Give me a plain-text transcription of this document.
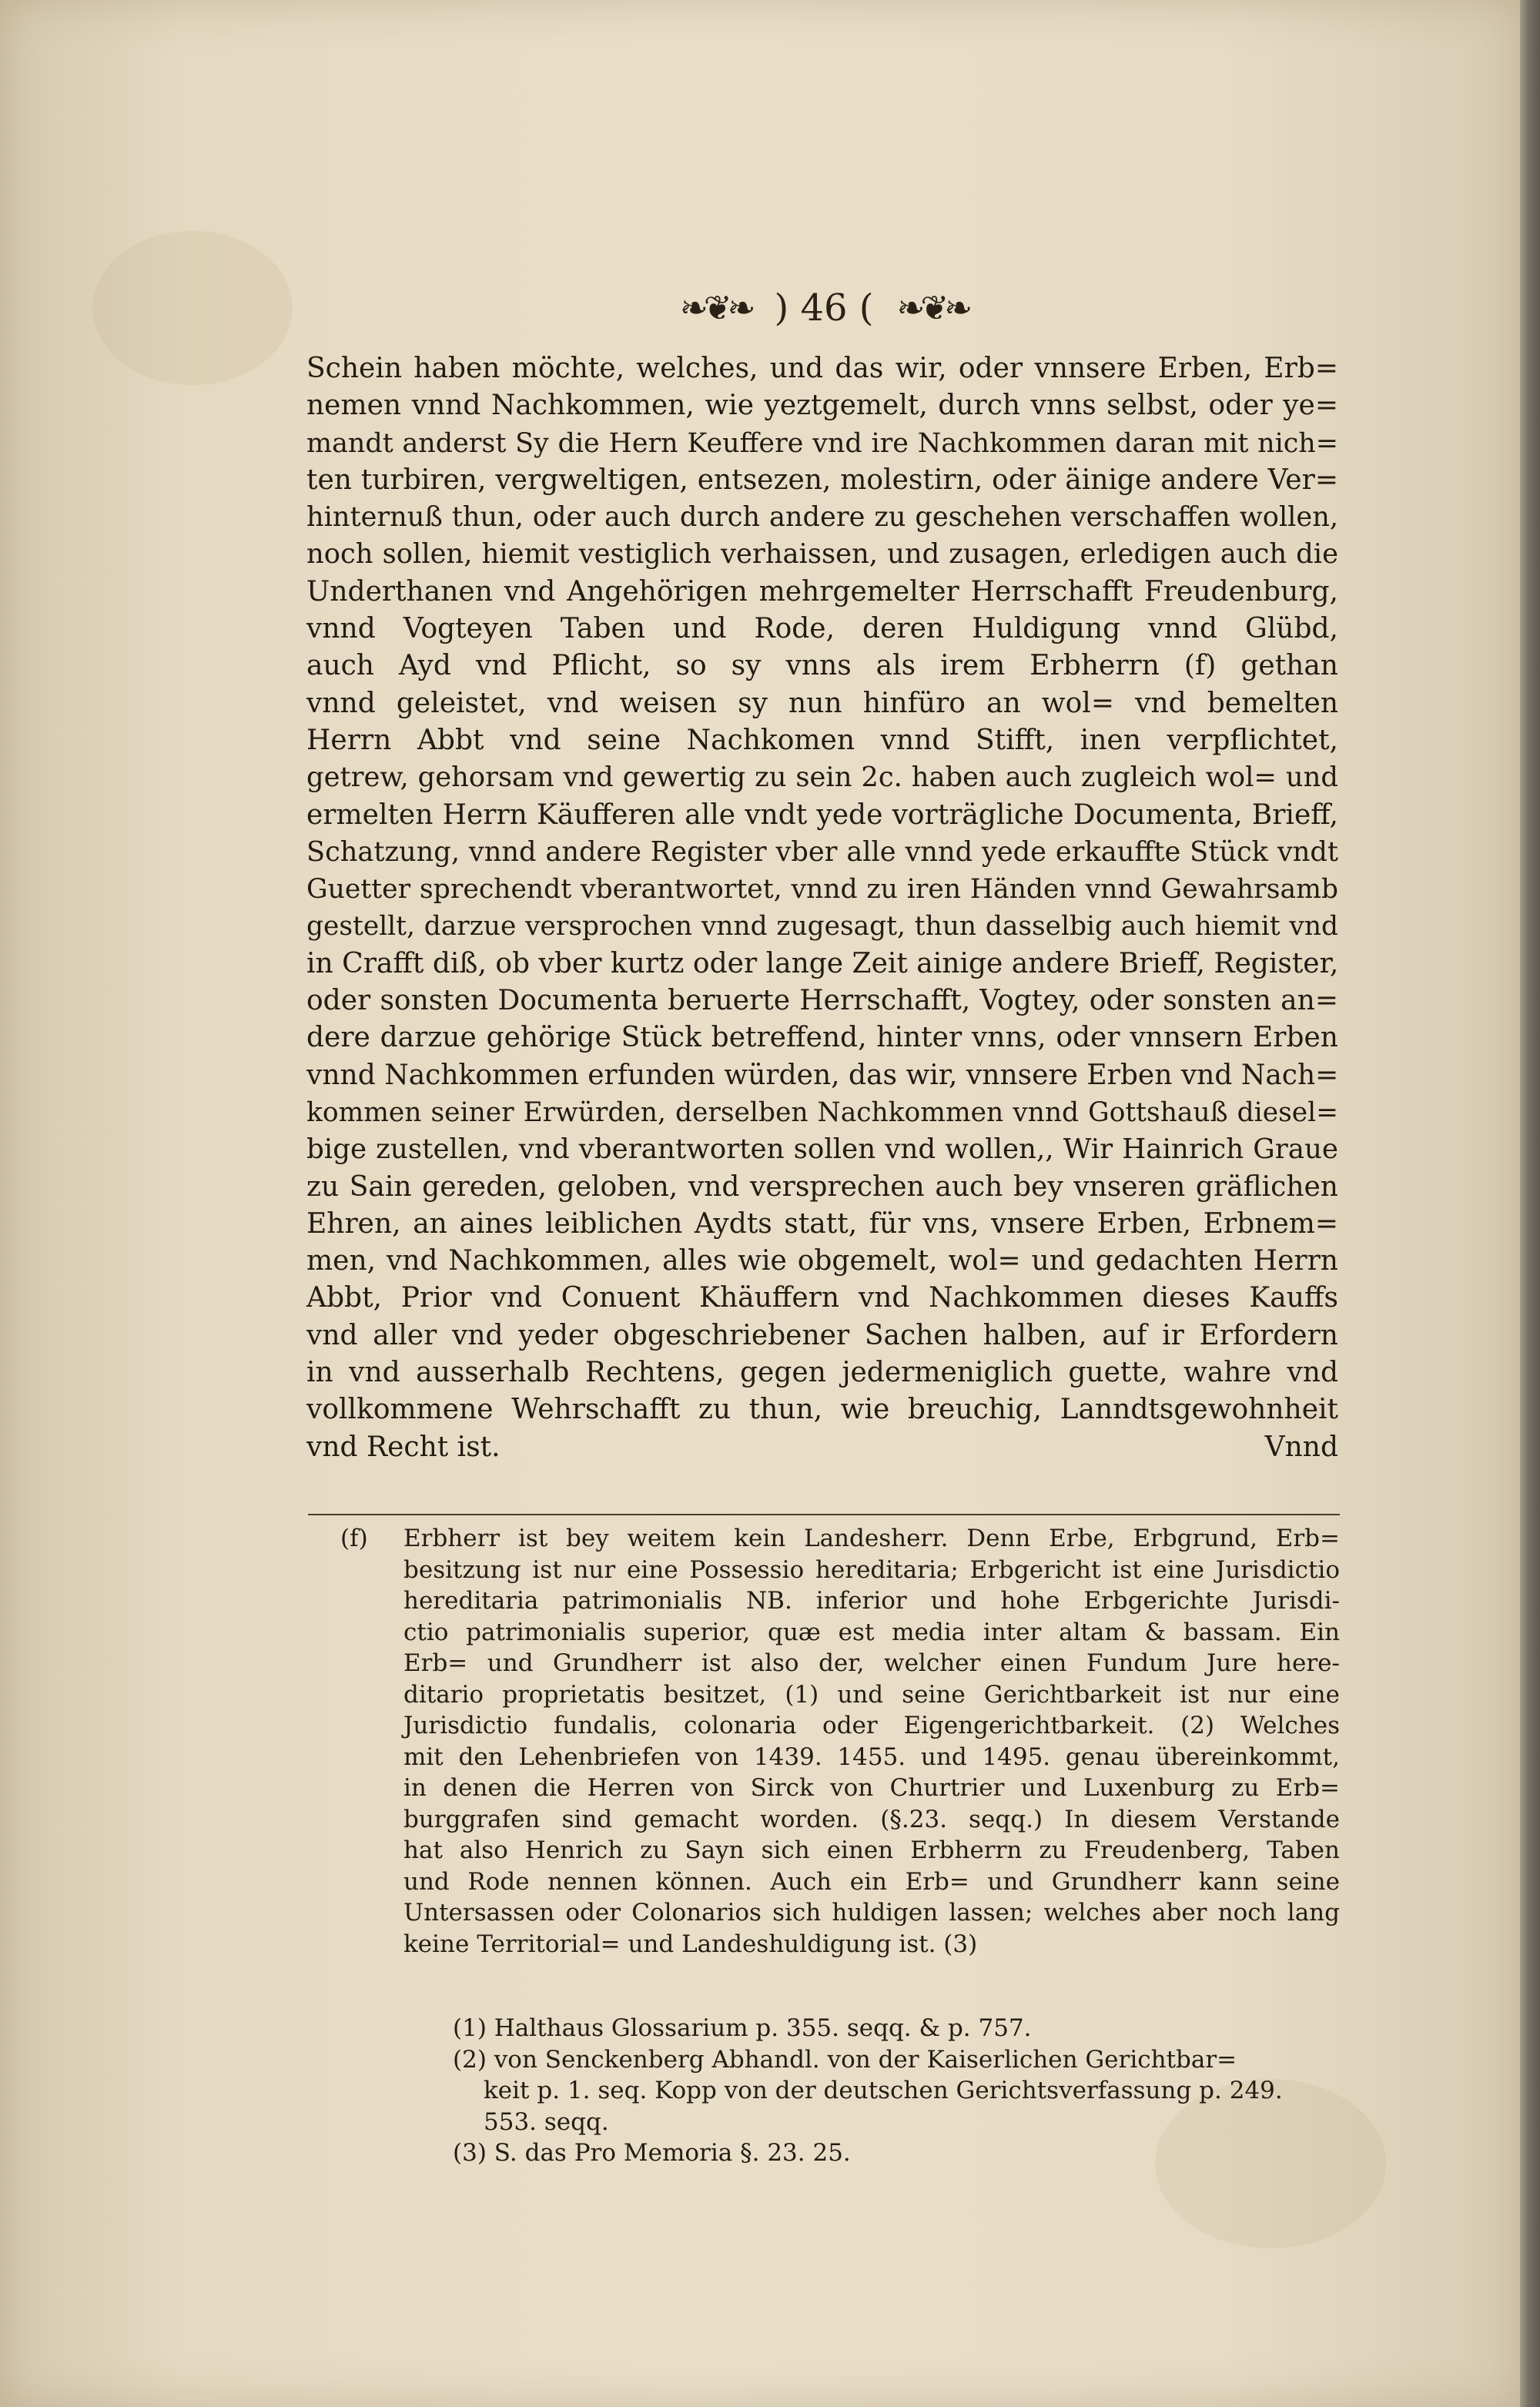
❧❦❧ ) 46 ( ❧❦❧
Schein haben möchte, welches, und das wir, oder vnnsere Erben, Erb=
nemen vnnd Nachkommen, wie yeztgemelt, durch vnns selbst, oder ye=
mandt anderst Sy die Hern Keuffere vnd ire Nachkommen daran mit nich=
ten turbiren, vergweltigen, entsezen, molestirn, oder äinige andere Ver=
hinternuß thun, oder auch durch andere zu geschehen verschaffen wollen,
noch sollen, hiemit vestiglich verhaissen, und zusagen, erledigen auch die
Underthanen vnd Angehörigen mehrgemelter Herrschafft Freudenburg,
vnnd Vogteyen Taben und Rode, deren Huldigung vnnd Glübd,
auch Ayd vnd Pflicht, so sy vnns als irem Erbherrn (f) gethan
vnnd geleistet, vnd weisen sy nun hinfüro an wol= vnd bemelten
Herrn Abbt vnd seine Nachkomen vnnd Stifft, inen verpflichtet,
getrew, gehorsam vnd gewertig zu sein 2c. haben auch zugleich wol= und
ermelten Herrn Käufferen alle vndt yede vorträgliche Documenta, Brieff,
Schatzung, vnnd andere Register vber alle vnnd yede erkauffte Stück vndt
Guetter sprechendt vberantwortet, vnnd zu iren Händen vnnd Gewahrsamb
gestellt, darzue versprochen vnnd zugesagt, thun dasselbig auch hiemit vnd
in Crafft diß, ob vber kurtz oder lange Zeit ainige andere Brieff, Register,
oder sonsten Documenta beruerte Herrschafft, Vogtey, oder sonsten an=
dere darzue gehörige Stück betreffend, hinter vnns, oder vnnsern Erben
vnnd Nachkommen erfunden würden, das wir, vnnsere Erben vnd Nach=
kommen seiner Erwürden, derselben Nachkommen vnnd Gottshauß diesel=
bige zustellen, vnd vberantworten sollen vnd wollen,, Wir Hainrich Graue
zu Sain gereden, geloben, vnd versprechen auch bey vnseren gräflichen
Ehren, an aines leiblichen Aydts statt, für vns, vnsere Erben, Erbnem=
men, vnd Nachkommen, alles wie obgemelt, wol= und gedachten Herrn
Abbt, Prior vnd Conuent Khäuffern vnd Nachkommen dieses Kauffs
vnd aller vnd yeder obgeschriebener Sachen halben, auf ir Erfordern
in vnd ausserhalb Rechtens, gegen jedermeniglich guette, wahre vnd
vollkommene Wehrschafft zu thun, wie breuchig, Lanndtsgewohnheit
vnd Recht ist.	Vnnd
(f)	Erbherr ist bey weitem kein Landesherr. Denn Erbe, Erbgrund, Erb=
besitzung ist nur eine Possessio hereditaria; Erbgericht ist eine Jurisdictio
hereditaria patrimonialis NB. inferior und hohe Erbgerichte Jurisdi-
ctio patrimonialis superior, quæ est media inter altam & bassam. Ein
Erb= und Grundherr ist also der, welcher einen Fundum Jure here-
ditario proprietatis besitzet, (1) und seine Gerichtbarkeit ist nur eine
Jurisdictio fundalis, colonaria oder Eigengerichtbarkeit. (2) Welches
mit den Lehenbriefen von 1439. 1455. und 1495. genau übereinkommt,
in denen die Herren von Sirck von Churtrier und Luxenburg zu Erb=
burggrafen sind gemacht worden. (§.23. seqq.) In diesem Verstande
hat also Henrich zu Sayn sich einen Erbherrn zu Freudenberg, Taben
und Rode nennen können. Auch ein Erb= und Grundherr kann seine
Untersassen oder Colonarios sich huldigen lassen; welches aber noch lang
keine Territorial= und Landeshuldigung ist. (3)
(1) Halthaus Glossarium p. 355. seqq. & p. 757.
(2) von Senckenberg Abhandl. von der Kaiserlichen Gerichtbar=
keit p. 1. seq. Kopp von der deutschen Gerichtsverfassung p. 249.
553. seqq.
(3) S. das Pro Memoria §. 23. 25.
